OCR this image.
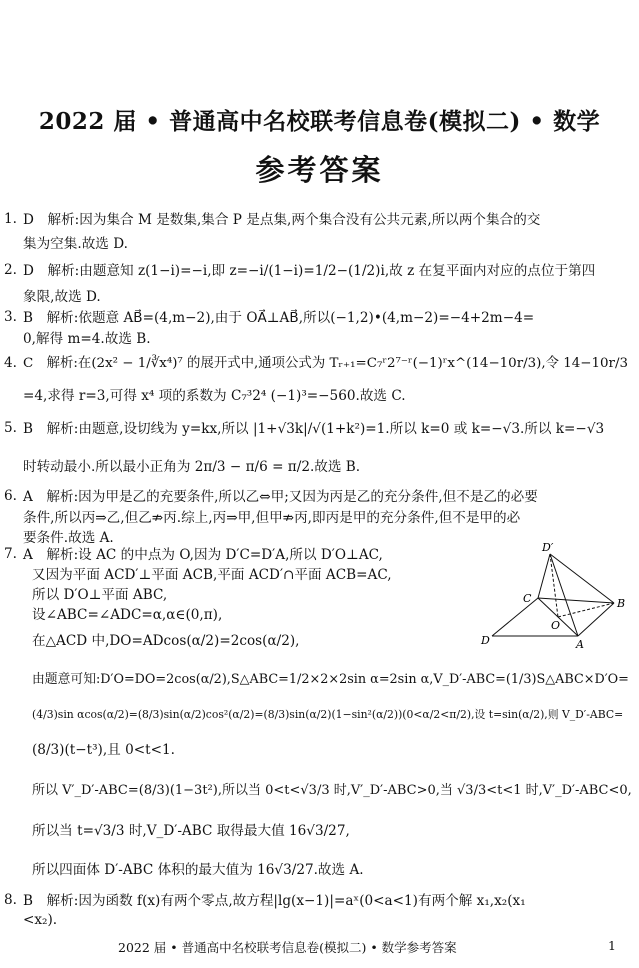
2022 届 • 普通高中名校联考信息卷(模拟二) • 数学
参考答案
1. D　解析:因为集合 M 是数集,集合 P 是点集,两个集合没有公共元素,所以两个集合的交
集为空集.故选 D.
2. D　解析:由题意知 z(1−i)=−i,即 z=−i/(1−i)=1/2−(1/2)i,故 z 在复平面内对应的点位于第四
象限,故选 D.
3. B　解析:依题意 AB⃗=(4,m−2),由于 OA⃗⊥AB⃗,所以(−1,2)•(4,m−2)=−4+2m−4=
0,解得 m=4.故选 B.
4. C　解析:在(2x² − 1/∛x⁴)⁷ 的展开式中,通项公式为 Tᵣ₊₁=C₇ʳ2⁷⁻ʳ(−1)ʳx^(14−10r/3),令 14−10r/3
=4,求得 r=3,可得 x⁴ 项的系数为 C₇³2⁴ (−1)³=−560.故选 C.
5. B　解析:由题意,设切线为 y=kx,所以 |1+√3k|/√(1+k²)=1.所以 k=0 或 k=−√3.所以 k=−√3
时转动最小.所以最小正角为 2π/3 − π/6 = π/2.故选 B.
6. A　解析:因为甲是乙的充要条件,所以乙⇔甲;又因为丙是乙的充分条件,但不是乙的必要
条件,所以丙⇒乙,但乙⇏丙.综上,丙⇒甲,但甲⇏丙,即丙是甲的充分条件,但不是甲的必
要条件.故选 A.
7. A　解析:设 AC 的中点为 O,因为 D′C=D′A,所以 D′O⊥AC,
又因为平面 ACD′⊥平面 ACB,平面 ACD′∩平面 ACB=AC,
所以 D′O⊥平面 ABC,
设∠ABC=∠ADC=α,α∈(0,π),
在△ACD 中,DO=ADcos(α/2)=2cos(α/2),
由题意可知:D′O=DO=2cos(α/2),S△ABC=1/2×2×2sin α=2sin α,V_D′-ABC=(1/3)S△ABC×D′O=
(4/3)sin αcos(α/2)=(8/3)sin(α/2)cos²(α/2)=(8/3)sin(α/2)(1−sin²(α/2))(0<α/2<π/2),设 t=sin(α/2),则 V_D′-ABC=
(8/3)(t−t³),且 0<t<1.
所以 V′_D′-ABC=(8/3)(1−3t²),所以当 0<t<√3/3 时,V′_D′-ABC>0,当 √3/3<t<1 时,V′_D′-ABC<0,
所以当 t=√3/3 时,V_D′-ABC 取得最大值 16√3/27,
所以四面体 D′-ABC 体积的最大值为 16√3/27.故选 A.
8. B　解析:因为函数 f(x)有两个零点,故方程|lg(x−1)|=aˣ(0<a<1)有两个解 x₁,x₂(x₁
<x₂).
D′
C	B
O
D	A
2022 届 • 普通高中名校联考信息卷(模拟二) • 数学参考答案	1
